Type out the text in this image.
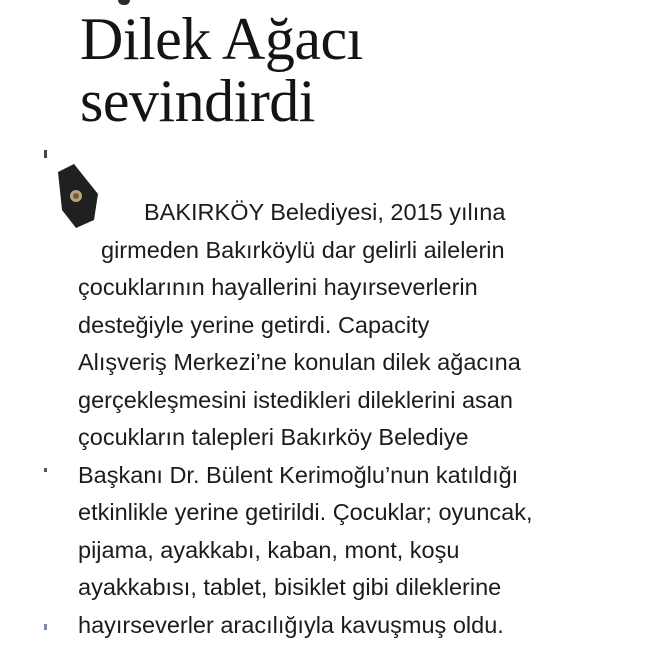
Dilek Ağacı
sevindirdi
BAKIRKÖY Belediyesi, 2015 yılına
girmeden Bakırköylü dar gelirli ailelerin
çocuklarının hayallerini hayırseverlerin
desteğiyle yerine getirdi. Capacity
Alışveriş Merkezi’ne konulan dilek ağacına
gerçekleşmesini istedikleri dileklerini asan
çocukların talepleri Bakırköy Belediye
Başkanı Dr. Bülent Kerimoğlu’nun katıldığı
etkinlikle yerine getirildi. Çocuklar; oyuncak,
pijama, ayakkabı, kaban, mont, koşu
ayakkabısı, tablet, bisiklet gibi dileklerine
hayırseverler aracılığıyla kavuşmuş oldu.
